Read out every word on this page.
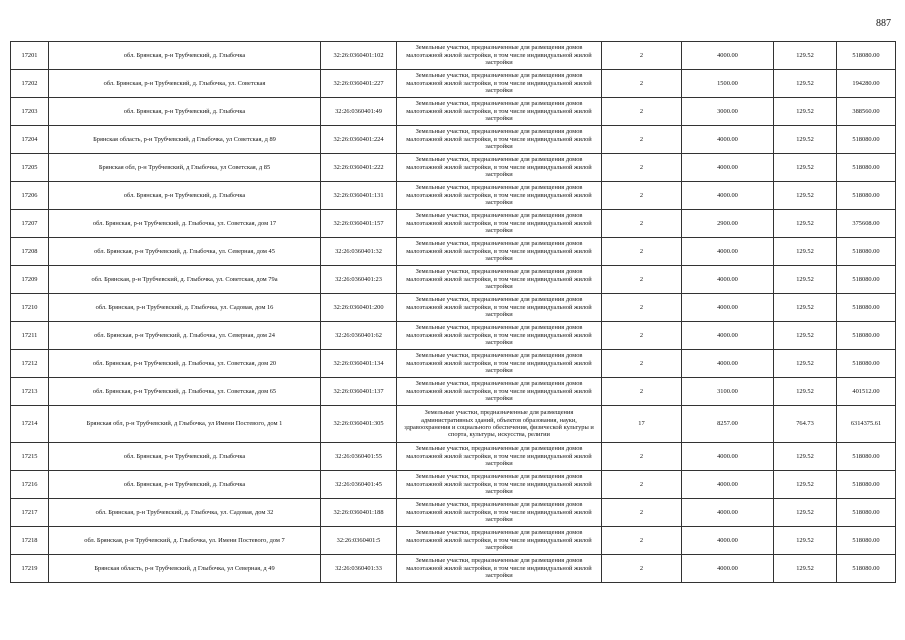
887
17201	обл. Брянская, р-н Трубчевский, д. Глыбочка	32:26:0360401:102	Земельные участки, предназначенные для размещения домов малоэтажной жилой застройки, в том числе индивидуальной жилой застройки	2	4000.00	129.52	518080.00
17202	обл. Брянская, р-н Трубчевский, д. Глыбочка, ул. Советская	32:26:0360401:227	Земельные участки, предназначенные для размещения домов малоэтажной жилой застройки, в том числе индивидуальной жилой застройки	2	1500.00	129.52	194280.00
17203	обл. Брянская, р-н Трубчевский, д. Глыбочка	32:26:0360401:49	Земельные участки, предназначенные для размещения домов малоэтажной жилой застройки, в том числе индивидуальной жилой застройки	2	3000.00	129.52	388560.00
17204	Брянская область, р-н Трубчевский, д Глыбочка, ул Советская, д 89	32:26:0360401:224	Земельные участки, предназначенные для размещения домов малоэтажной жилой застройки, в том числе индивидуальной жилой застройки	2	4000.00	129.52	518080.00
17205	Брянская обл, р-н Трубчевский, д Глыбочка, ул Советская, д 85	32:26:0360401:222	Земельные участки, предназначенные для размещения домов малоэтажной жилой застройки, в том числе индивидуальной жилой застройки	2	4000.00	129.52	518080.00
17206	обл. Брянская, р-н Трубчевский, д. Глыбочка	32:26:0360401:131	Земельные участки, предназначенные для размещения домов малоэтажной жилой застройки, в том числе индивидуальной жилой застройки	2	4000.00	129.52	518080.00
17207	обл. Брянская, р-н Трубчевский, д. Глыбочка, ул. Советская, дом 17	32:26:0360401:157	Земельные участки, предназначенные для размещения домов малоэтажной жилой застройки, в том числе индивидуальной жилой застройки	2	2900.00	129.52	375608.00
17208	обл. Брянская, р-н Трубчевский, д. Глыбочка, ул. Северная, дом 45	32:26:0360401:32	Земельные участки, предназначенные для размещения домов малоэтажной жилой застройки, в том числе индивидуальной жилой застройки	2	4000.00	129.52	518080.00
17209	обл. Брянская, р-н Трубчевский, д. Глыбочка, ул. Советская, дом 79а	32:26:0360401:23	Земельные участки, предназначенные для размещения домов малоэтажной жилой застройки, в том числе индивидуальной жилой застройки	2	4000.00	129.52	518080.00
17210	обл. Брянская, р-н Трубчевский, д. Глыбочка, ул. Садовая, дом 16	32:26:0360401:200	Земельные участки, предназначенные для размещения домов малоэтажной жилой застройки, в том числе индивидуальной жилой застройки	2	4000.00	129.52	518080.00
17211	обл. Брянская, р-н Трубчевский, д. Глыбочка, ул. Северная, дом 24	32:26:0360401:62	Земельные участки, предназначенные для размещения домов малоэтажной жилой застройки, в том числе индивидуальной жилой застройки	2	4000.00	129.52	518080.00
17212	обл. Брянская, р-н Трубчевский, д. Глыбочка, ул. Советская, дом 20	32:26:0360401:134	Земельные участки, предназначенные для размещения домов малоэтажной жилой застройки, в том числе индивидуальной жилой застройки	2	4000.00	129.52	518080.00
17213	обл. Брянская, р-н Трубчевский, д. Глыбочка, ул. Советская, дом 65	32:26:0360401:137	Земельные участки, предназначенные для размещения домов малоэтажной жилой застройки, в том числе индивидуальной жилой застройки	2	3100.00	129.52	401512.00
17214	Брянская обл, р-н Трубчевский, д Глыбочка, ул Имени Постевого, дом 1	32:26:0360401:305	Земельные участки, предназначенные для размещения административных зданий, объектов образования, науки, здравоохранения и социального обеспечения, физической культуры и спорта, культуры, искусства, религии	17	8257.00	764.73	6314375.61
17215	обл. Брянская, р-н Трубчевский, д. Глыбочка	32:26:0360401:55	Земельные участки, предназначенные для размещения домов малоэтажной жилой застройки, в том числе индивидуальной жилой застройки	2	4000.00	129.52	518080.00
17216	обл. Брянская, р-н Трубчевский, д. Глыбочка	32:26:0360401:45	Земельные участки, предназначенные для размещения домов малоэтажной жилой застройки, в том числе индивидуальной жилой застройки	2	4000.00	129.52	518080.00
17217	обл. Брянская, р-н Трубчевский, д. Глыбочка, ул. Садовая, дом 32	32:26:0360401:188	Земельные участки, предназначенные для размещения домов малоэтажной жилой застройки, в том числе индивидуальной жилой застройки	2	4000.00	129.52	518080.00
17218	обл. Брянская, р-н Трубчевский, д. Глыбочка, ул. Имени Постевого, дом 7	32:26:0360401:5	Земельные участки, предназначенные для размещения домов малоэтажной жилой застройки, в том числе индивидуальной жилой застройки	2	4000.00	129.52	518080.00
17219	Брянская область, р-н Трубчевский, д Глыбочка, ул Северная, д 49	32:26:0360401:33	Земельные участки, предназначенные для размещения домов малоэтажной жилой застройки, в том числе индивидуальной жилой застройки	2	4000.00	129.52	518080.00
